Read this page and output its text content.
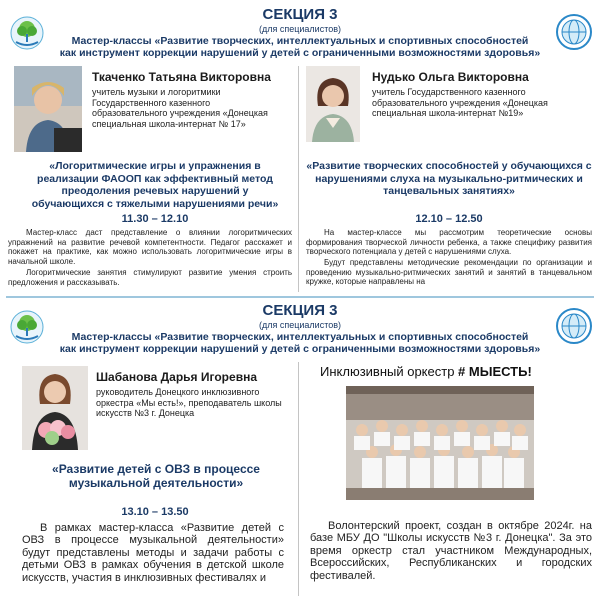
СЕКЦИЯ 3
(для специалистов)
Мастер-классы «Развитие творческих, интеллектуальных и спортивных способностей
как инструмент коррекции нарушений у детей с ограниченными возможностями здоровья»
Ткаченко Татьяна Викторовна
учитель музыки и логоритмики Государственного казенного образовательного учреждения «Донецкая специальная школа-интернат № 17»
«Логоритмические игры и упражнения в реализации ФАООП как эффективный метод преодоления речевых нарушений у обучающихся с тяжелыми нарушениями речи»
11.30 – 12.10
Мастер-класс даст представление о влиянии логоритмических упражнений на развитие речевой компетентности. Педагог расскажет и покажет на практике, как можно использовать логоритмические игры в начальной школе.
Логоритмические занятия стимулируют развитие умения строить предложения и рассказывать.
Нудько Ольга Викторовна
учитель Государственного казенного образовательного учреждения «Донецкая специальная школа-интернат №19»
«Развитие творческих способностей у обучающихся с нарушениями слуха на музыкально-ритмических и танцевальных занятиях»
12.10 – 12.50
На мастер-классе мы рассмотрим теоретические основы формирования творческой личности ребенка, а также специфику развития творческого потенциала у детей с нарушениями слуха.
Будут представлены методические рекомендации по организации и проведению музыкально-ритмических занятий и занятий в танцевальном кружке, которые направлены на
СЕКЦИЯ 3
(для специалистов)
Мастер-классы «Развитие творческих, интеллектуальных и спортивных способностей
как инструмент коррекции нарушений у детей с ограниченными возможностями здоровья»
Шабанова Дарья Игоревна
руководитель Донецкого инклюзивного оркестра «Мы есть!», преподаватель школы искусств №3 г. Донецка
«Развитие детей с ОВЗ в процессе музыкальной деятельности»
13.10 – 13.50
В рамках мастер-класса «Развитие детей с ОВЗ в процессе музыкальной деятельности» будут представлены методы и задачи работы с детьми ОВЗ в рамках обучения в детской школе искусств, участия в инклюзивных фестивалях и
Инклюзивный оркестр # МЫЕСТЬ!
Волонтерский проект, создан в октябре 2024г. на базе МБУ ДО "Школы искусств №3 г. Донецка". За это время оркестр стал участником Международных, Всероссийских, Республиканских и городских фестивалей.
